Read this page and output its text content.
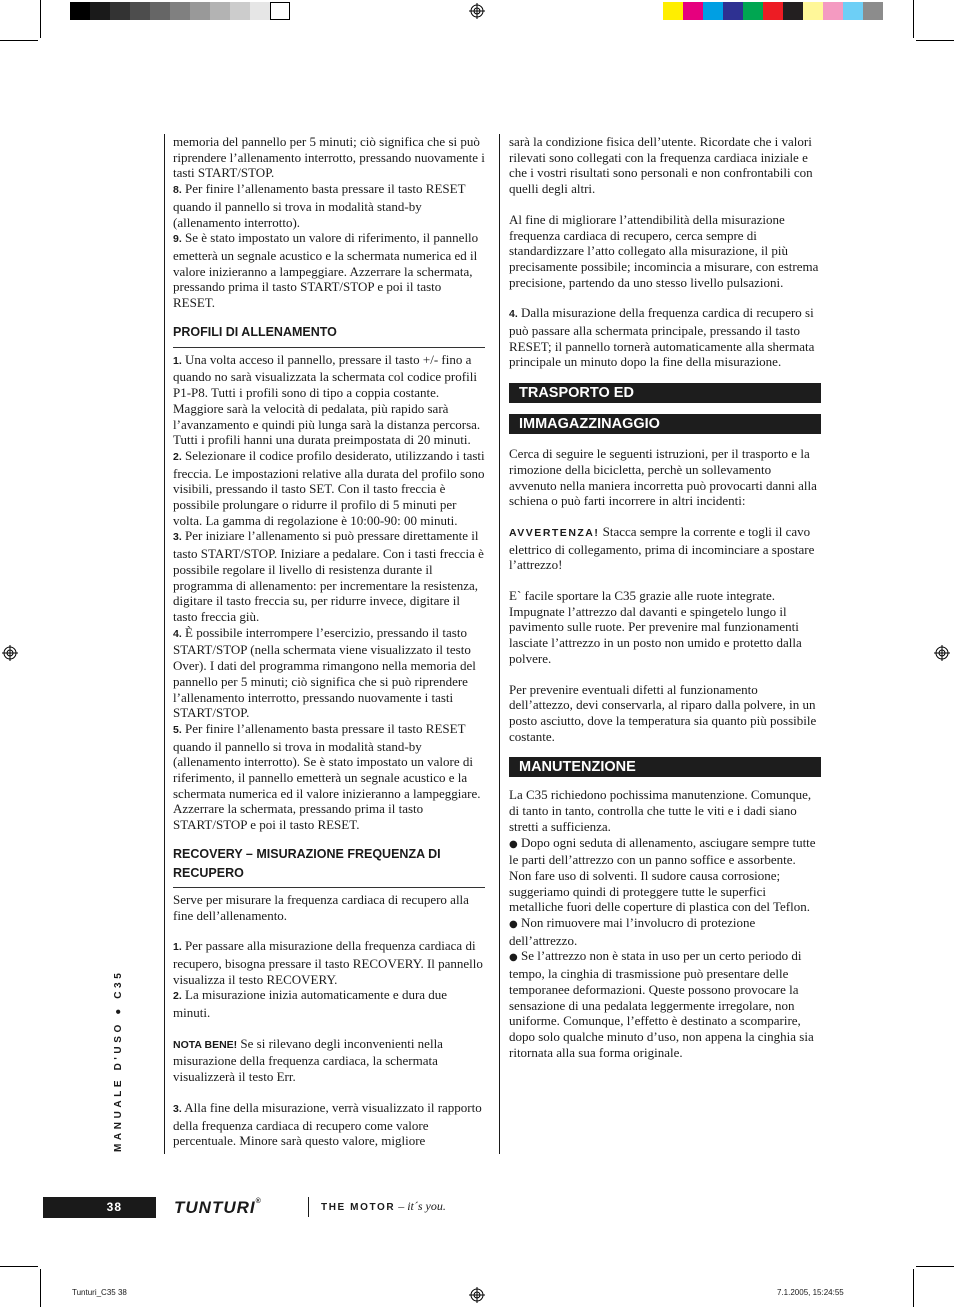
memoria del pannello per 5 minuti; ciò significa che si può riprendere l’allenamento interrotto, pressando nuovamente i tasti START/STOP.

8. Per finire l’allenamento basta pressare il tasto RESET quando il pannello si trova in modalità stand-by (allenamento interrotto).

9. Se è stato impostato un valore di riferimento, il pannello emetterà un segnale acustico e la schermata numerica ed il valore inizieranno a lampeggiare. Azzerrare la schermata, pressando prima il tasto START/STOP e poi il tasto RESET.

PROFILI DI ALLENAMENTO

1. Una volta acceso il pannello, pressare il tasto +/- fino a quando no sarà visualizzata la schermata col codice profili P1-P8. Tutti i profili sono di tipo a coppia costante. Maggiore sarà la velocità di pedalata, più rapido sarà l’avanzamento e quindi più lunga sarà la distanza percorsa. Tutti i profili hanni una durata preimpostata di 20 minuti.

2. Selezionare il codice profilo desiderato, utilizzando i tasti freccia. Le impostazioni relative alla durata del profilo sono visibili, pressando il tasto SET. Con il tasto freccia è possibile prolungare o ridurre il profilo di 5 minuti per volta. La gamma di regolazione è 10:00-90: 00 minuti.

3. Per iniziare l’allenamento si può pressare direttamente il tasto START/STOP. Iniziare a pedalare. Con i tasti freccia è possibile regolare il livello di resistenza durante il programma di allenamento: per incrementare la resistenza, digitare il tasto freccia su, per ridurre invece, digitare il tasto freccia giù.

4. È possibile interrompere l’esercizio, pressando il tasto START/STOP (nella schermata viene visualizzato il testo Over). I dati del programma rimangono nella memoria del pannello per 5 minuti; ciò significa che si può riprendere l’allenamento interrotto, pressando nuovamente i tasti START/STOP.

5. Per finire l’allenamento basta pressare il tasto RESET quando il pannello si trova in modalità stand-by (allenamento interrotto). Se è stato impostato un valore di riferimento, il pannello emetterà un segnale acustico e la schermata numerica ed il valore inizieranno a lampeggiare. Azzerrare la schermata, pressando prima il tasto START/STOP e poi il tasto RESET.

RECOVERY – MISURAZIONE FREQUENZA DI RECUPERO

Serve per misurare la frequenza cardiaca di recupero alla fine dell’allenamento.

1. Per passare alla misurazione della frequenza cardiaca di recupero, bisogna pressare il tasto RECOVERY. Il pannello visualizza il testo RECOVERY.

2. La misurazione inizia automaticamente e dura due minuti.

NOTA BENE! Se si rilevano degli inconvenienti nella misurazione della frequenza cardiaca, la schermata visualizzerà il testo Err.

3. Alla fine della misurazione, verrà visualizzato il rapporto della frequenza cardiaca di recupero come valore percentuale. Minore sarà questo valore, migliore

sarà la condizione fisica dell’utente. Ricordate che i valori rilevati sono collegati con la frequenza cardiaca iniziale e che i vostri risultati sono personali e non confrontabili con quelli degli altri.

Al fine di migliorare l’attendibilità della misurazione frequenza cardiaca di recupero, cerca sempre di standardizzare l’atto collegato alla misurazione, il più precisamente possibile; incomincia a misurare, con estrema precisione, partendo da uno stesso livello pulsazioni.

4. Dalla misurazione della frequenza cardica di recupero si può passare alla schermata principale, pressando il tasto RESET; il pannello tornerà automaticamente alla shermata principale un minuto dopo la fine della misurazione.

TRASPORTO ED

IMMAGAZZINAGGIO

Cerca di seguire le seguenti istruzioni, per il trasporto e la rimozione della bicicletta, perchè un sollevamento avvenuto nella maniera incorretta può provocarti danni alla schiena o può farti incorrere in altri incidenti:

AVVERTENZA! Stacca sempre la corrente e togli il cavo elettrico di collegamento, prima di incominciare a spostare l’attrezzo!

E` facile sportare la C35 grazie alle ruote integrate. Impugnate l’attrezzo dal davanti e spingetelo lungo il pavimento sulle ruote. Per prevenire mal funzionamenti lasciate l’attrezzo in un posto non umido e protetto dalla polvere.

Per prevenire eventuali difetti al funzionamento dell’attezzo, devi conservarla, al riparo dalla polvere, in un posto asciutto, dove la temperatura sia quanto più possibile costante.

MANUTENZIONE

La C35 richiedono pochissima manutenzione. Comunque, di tanto in tanto, controlla che tutte le viti e i dadi siano stretti a sufficienza.

● Dopo ogni seduta di allenamento, asciugare sempre tutte le parti dell’attrezzo con un panno soffice e assorbente. Non fare uso di solventi. Il sudore causa corrosione; suggeriamo quindi di proteggere tutte le superfici metalliche fuori delle coperture di plastica con del Teflon.

● Non rimuovere mai l’involucro di protezione dell’attrezzo.

● Se l’attrezzo non è stata in uso per un certo periodo di tempo, la cinghia di trasmissione può presentare delle temporanee deformazioni. Queste possono provocare la sensazione di una pedalata leggermente irregolare, non uniforme. Comunque, l’effetto è destinato a scomparire, dopo solo qualche minuto d’uso, non appena la cinghia sia ritornata alla sua forma originale.

MANUALE D'USO ● C35
38	TUNTURI®
THE MOTOR – it´s you.
Tunturi_C35 38	7.1.2005, 15:24:55
